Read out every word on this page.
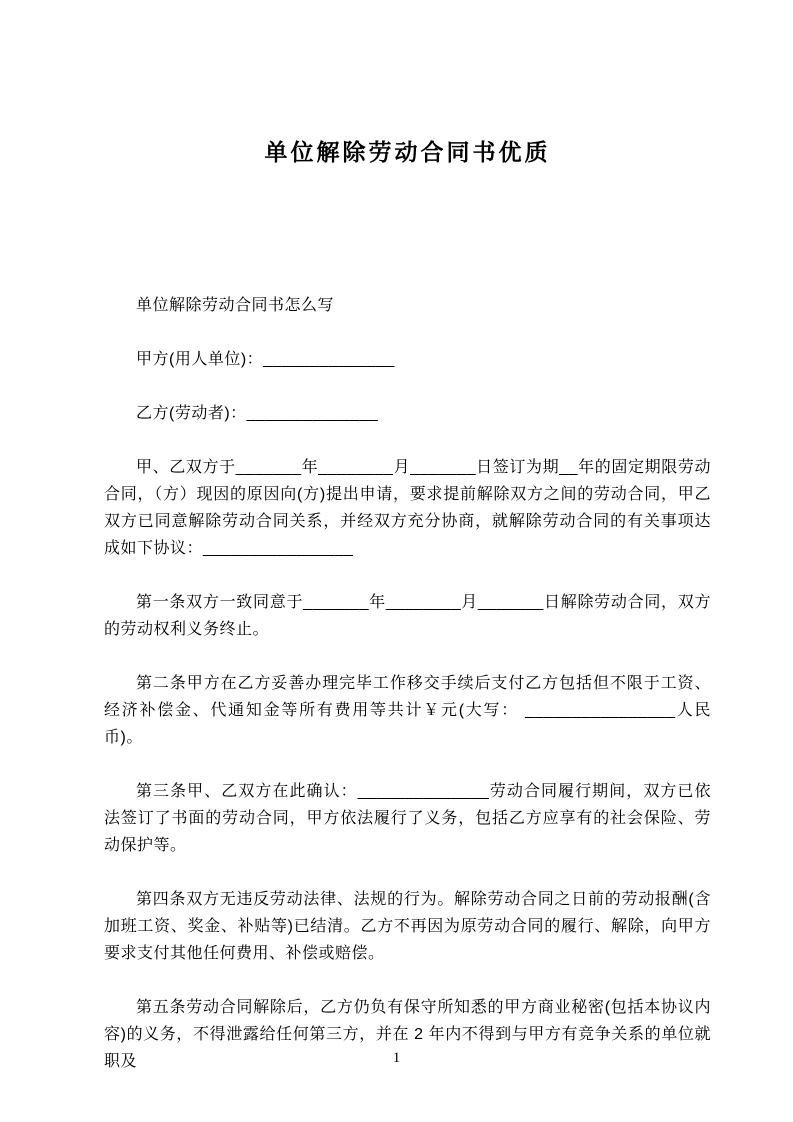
单位解除劳动合同书优质

单位解除劳动合同书怎么写

甲方(用人单位)：______________

乙方(劳动者)：______________

甲、乙双方于_______年________月_______日签订为期__年的固定期限劳动合同，（方）现因的原因向(方)提出申请，要求提前解除双方之间的劳动合同，甲乙双方已同意解除劳动合同关系，并经双方充分协商，就解除劳动合同的有关事项达成如下协议：________________

第一条双方一致同意于_______年________月_______日解除劳动合同，双方的劳动权利义务终止。

第二条甲方在乙方妥善办理完毕工作移交手续后支付乙方包括但不限于工资、经济补偿金、代通知金等所有费用等共计￥元(大写： ________________人民币)。

第三条甲、乙双方在此确认：______________劳动合同履行期间，双方已依法签订了书面的劳动合同，甲方依法履行了义务，包括乙方应享有的社会保险、劳动保护等。

第四条双方无违反劳动法律、法规的行为。解除劳动合同之日前的劳动报酬(含加班工资、奖金、补贴等)已结清。乙方不再因为原劳动合同的履行、解除，向甲方要求支付其他任何费用、补偿或赔偿。

第五条劳动合同解除后，乙方仍负有保守所知悉的甲方商业秘密(包括本协议内容)的义务，不得泄露给任何第三方，并在 2 年内不得到与甲方有竞争关系的单位就职及	1
